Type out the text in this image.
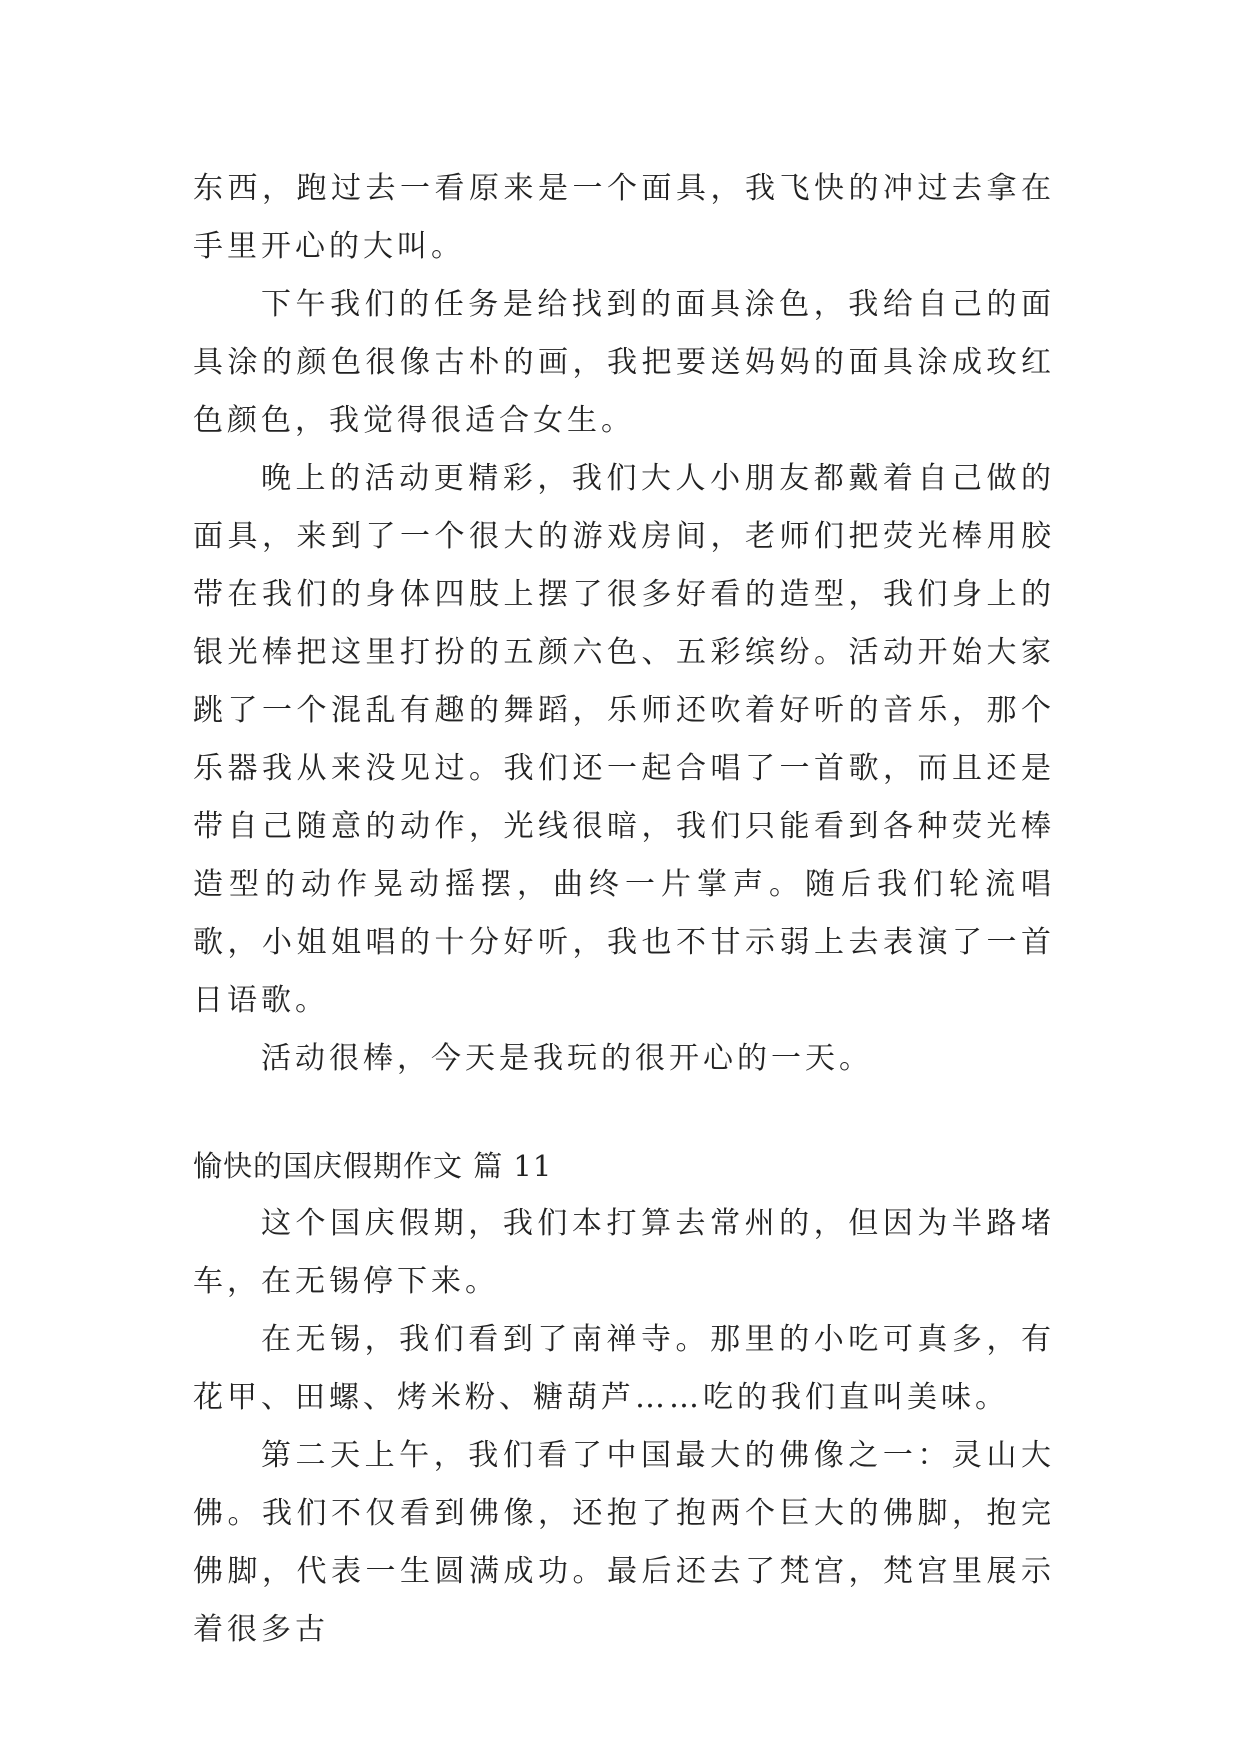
东西，跑过去一看原来是一个面具，我飞快的冲过去拿在手里开心的大叫。

下午我们的任务是给找到的面具涂色，我给自己的面具涂的颜色很像古朴的画，我把要送妈妈的面具涂成玫红色颜色，我觉得很适合女生。

晚上的活动更精彩，我们大人小朋友都戴着自己做的面具，来到了一个很大的游戏房间，老师们把荧光棒用胶带在我们的身体四肢上摆了很多好看的造型，我们身上的银光棒把这里打扮的五颜六色、五彩缤纷。活动开始大家跳了一个混乱有趣的舞蹈，乐师还吹着好听的音乐，那个乐器我从来没见过。我们还一起合唱了一首歌，而且还是带自己随意的动作，光线很暗，我们只能看到各种荧光棒造型的动作晃动摇摆，曲终一片掌声。随后我们轮流唱歌，小姐姐唱的十分好听，我也不甘示弱上去表演了一首日语歌。

活动很棒，今天是我玩的很开心的一天。

愉快的国庆假期作文 篇 11

这个国庆假期，我们本打算去常州的，但因为半路堵车，在无锡停下来。

在无锡，我们看到了南禅寺。那里的小吃可真多，有花甲、田螺、烤米粉、糖葫芦……吃的我们直叫美味。

第二天上午，我们看了中国最大的佛像之一：灵山大佛。我们不仅看到佛像，还抱了抱两个巨大的佛脚，抱完佛脚，代表一生圆满成功。最后还去了梵宫，梵宫里展示着很多古
